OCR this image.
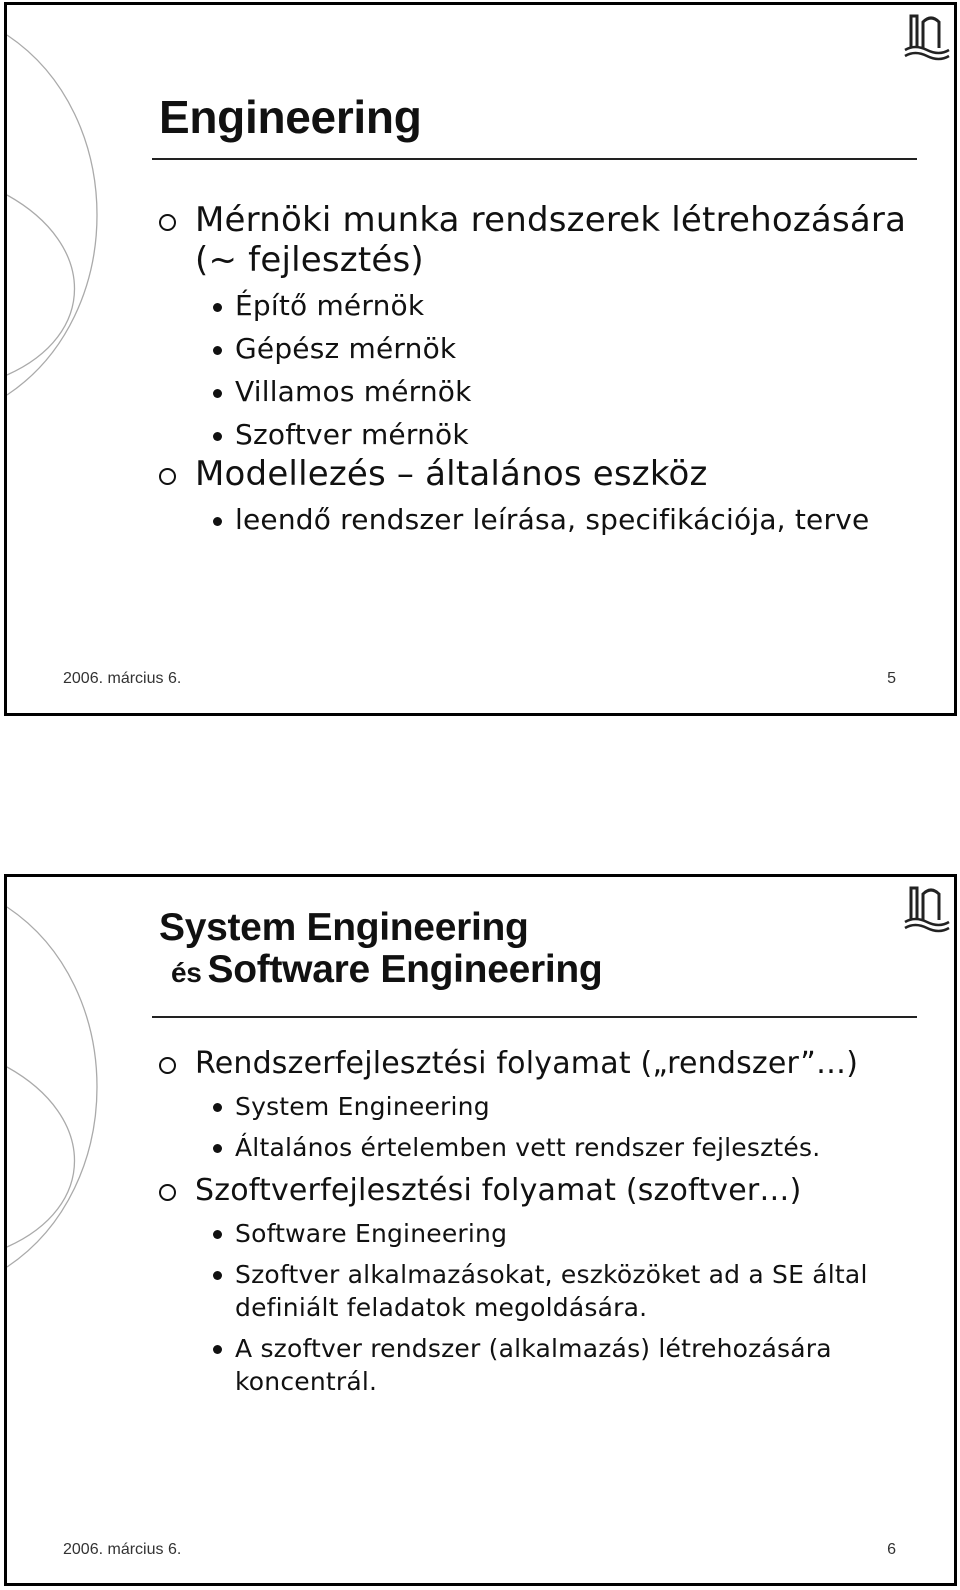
Engineering
Mérnöki munka rendszerek létrehozására (~ fejlesztés)
Építő mérnök
Gépész mérnök
Villamos mérnök
Szoftver mérnök
Modellezés – általános eszköz
leendő rendszer leírása, specifikációja, terve
2006. március 6.	5
System Engineering
és Software Engineering
Rendszerfejlesztési folyamat („rendszer”…)
System Engineering
Általános értelemben vett rendszer fejlesztés.
Szoftverfejlesztési folyamat (szoftver…)
Software Engineering
Szoftver alkalmazásokat, eszközöket ad a SE által definiált feladatok megoldására.
A szoftver rendszer (alkalmazás) létrehozására koncentrál.
2006. március 6.	6
